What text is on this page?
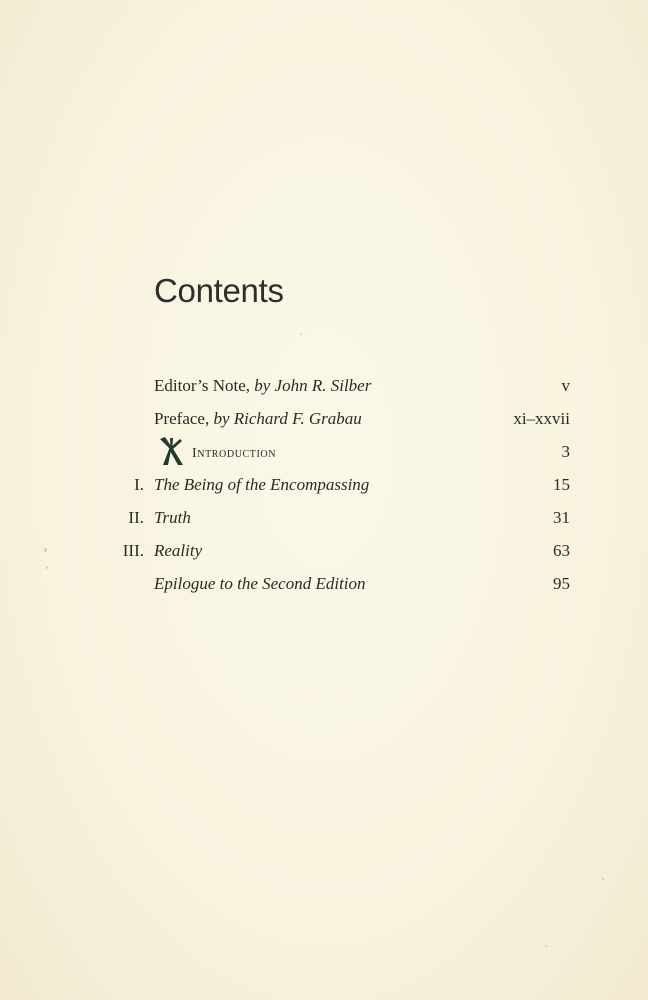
Contents
Editor’s Note, by John R. Silber	v
Preface, by Richard F. Grabau	xi–xxvii
Introduction	3
I. The Being of the Encompassing	15
II. Truth	31
III. Reality	63
Epilogue to the Second Edition	95
